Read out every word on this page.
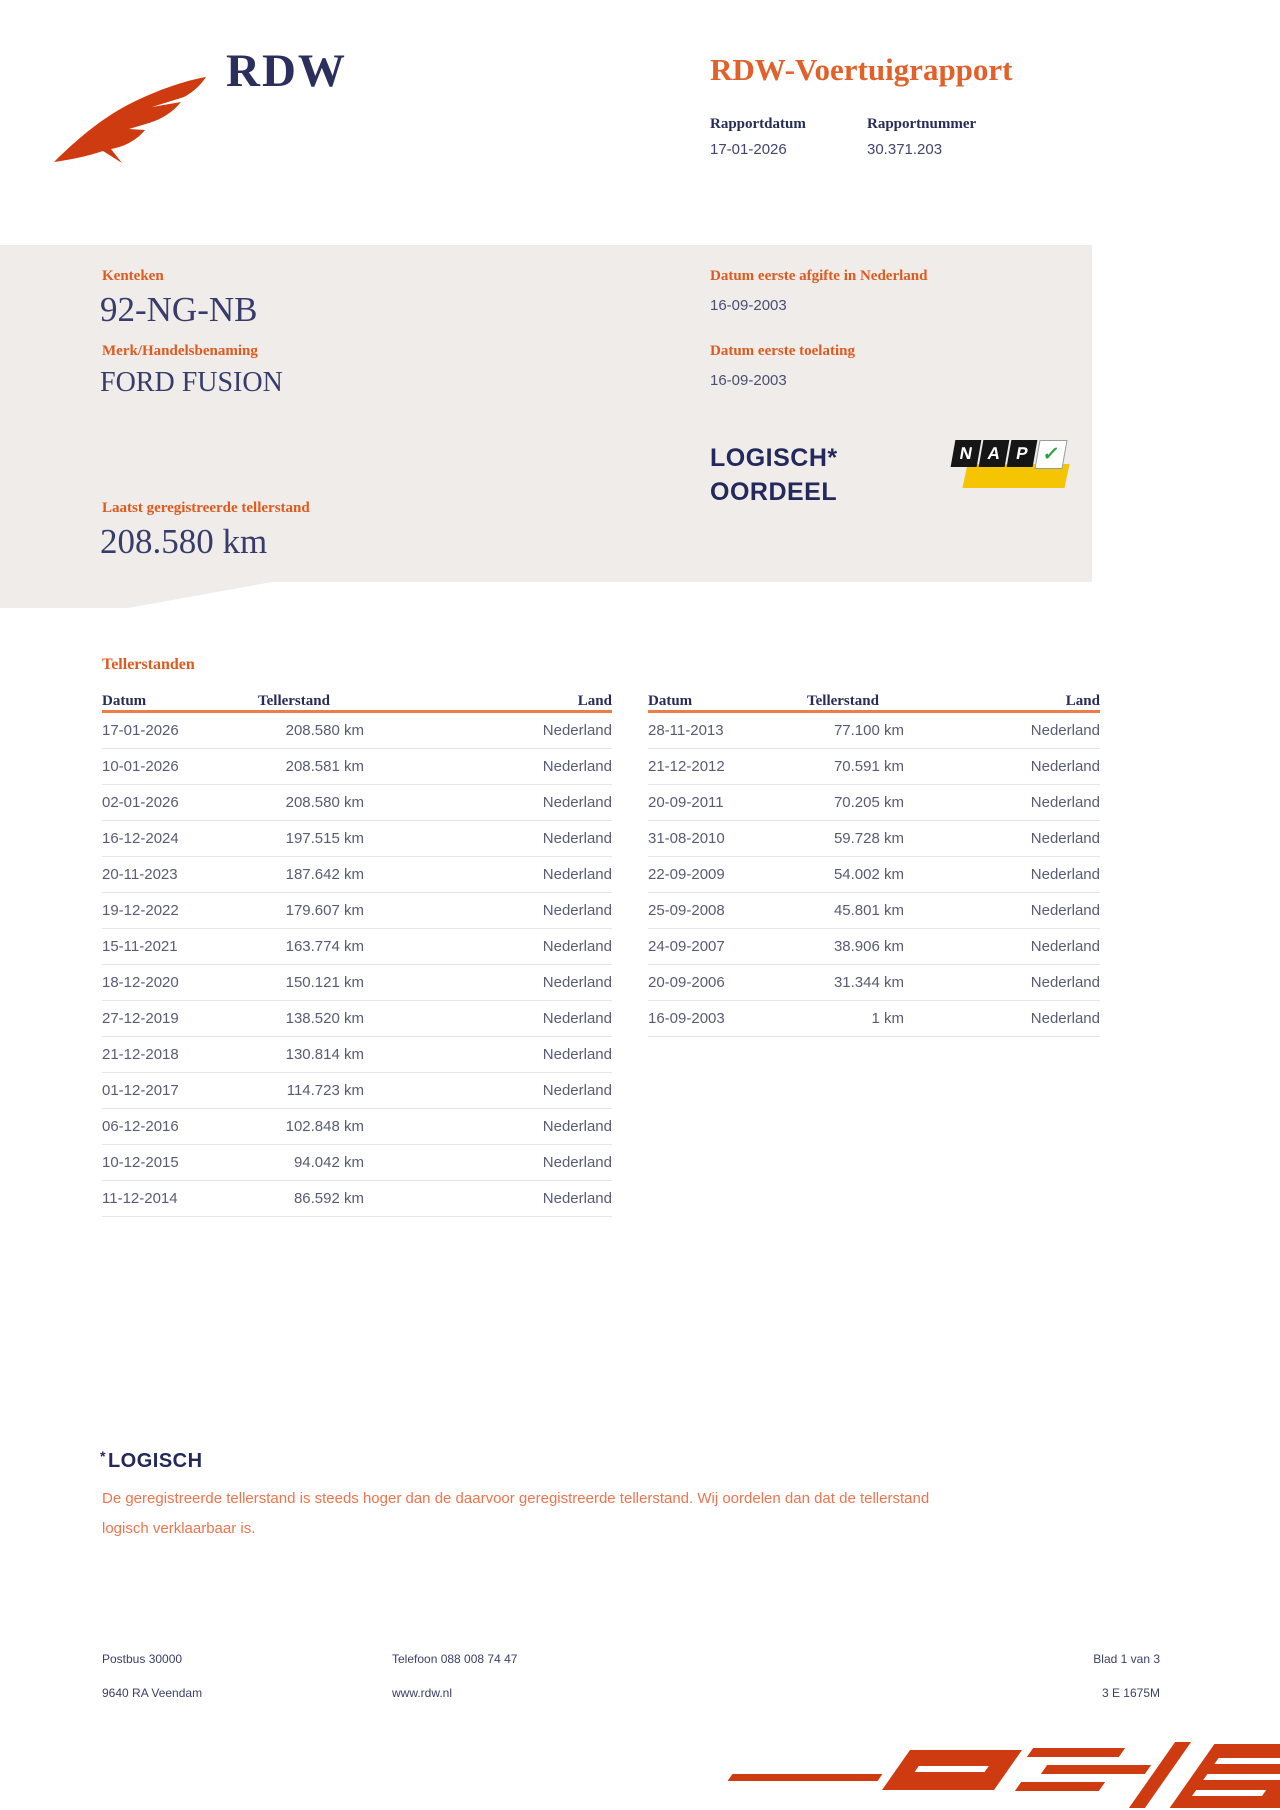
RDW	RDW-Voertuigrapport
Rapportdatum	Rapportnummer
17-01-2026	30.371.203
Kenteken
92-NG-NB
Merk/Handelsbenaming
FORD FUSION
Laatst geregistreerde tellerstand
208.580 km
Datum eerste afgifte in Nederland
16-09-2003
Datum eerste toelating
16-09-2003
LOGISCH*
OORDEEL
N A P ✓
Tellerstanden
Datum	Tellerstand	Land
17-01-2026	208.580 km	Nederland
10-01-2026	208.581 km	Nederland
02-01-2026	208.580 km	Nederland
16-12-2024	197.515 km	Nederland
20-11-2023	187.642 km	Nederland
19-12-2022	179.607 km	Nederland
15-11-2021	163.774 km	Nederland
18-12-2020	150.121 km	Nederland
27-12-2019	138.520 km	Nederland
21-12-2018	130.814 km	Nederland
01-12-2017	114.723 km	Nederland
06-12-2016	102.848 km	Nederland
10-12-2015	94.042 km	Nederland
11-12-2014	86.592 km	Nederland
Datum	Tellerstand	Land
28-11-2013	77.100 km	Nederland
21-12-2012	70.591 km	Nederland
20-09-2011	70.205 km	Nederland
31-08-2010	59.728 km	Nederland
22-09-2009	54.002 km	Nederland
25-09-2008	45.801 km	Nederland
24-09-2007	38.906 km	Nederland
20-09-2006	31.344 km	Nederland
16-09-2003	1 km	Nederland
* LOGISCH
De geregistreerde tellerstand is steeds hoger dan de daarvoor geregistreerde tellerstand. Wij oordelen dan dat de tellerstand logisch verklaarbaar is.
Postbus 30000
9640 RA Veendam
Telefoon 088 008 74 47
www.rdw.nl
Blad 1 van 3
3 E 1675M
